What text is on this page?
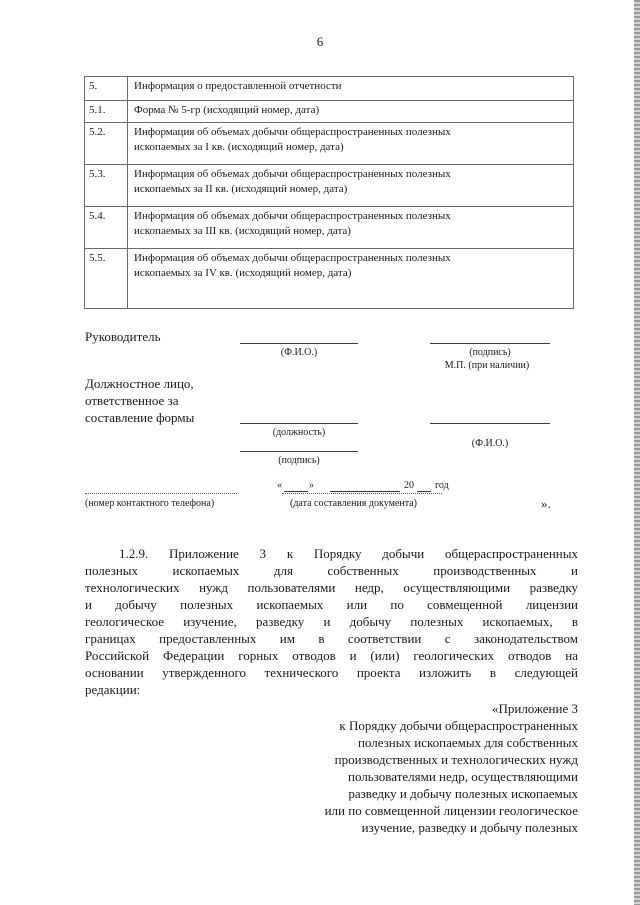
6
5.	Информация о предоставленной отчетности
5.1.	Форма № 5-гр (исходящий номер, дата)
5.2.	Информация об объемах добычи общераспространенных полезных
ископаемых за I кв. (исходящий номер, дата)

5.3.	Информация об объемах добычи общераспространенных полезных
ископаемых за II кв. (исходящий номер, дата)

5.4.	Информация об объемах добычи общераспространенных полезных
ископаемых за III кв. (исходящий номер, дата)

5.5.	Информация об объемах добычи общераспространенных полезных
ископаемых за IV кв. (исходящий номер, дата)
Руководитель
(Ф.И.О.)	(подпись)
М.П. (при наличии)
Должностное лицо,
ответственное за
составление формы
(должность)
(Ф.И.О.)
(подпись)
«	»	20 год
(номер контактного телефона)	(дата составления документа)	».
1.2.9. Приложение 3 к Порядку добычи общераспространенных
полезных ископаемых для собственных производственных и
технологических нужд пользователями недр, осуществляющими разведку
и добычу полезных ископаемых или по совмещенной лицензии
геологическое изучение, разведку и добычу полезных ископаемых, в
границах предоставленных им в соответствии с законодательством
Российской Федерации горных отводов и (или) геологических отводов на
основании утвержденного технического проекта изложить в следующей
редакции:
«Приложение 3
к Порядку добычи общераспространенных
полезных ископаемых для собственных
производственных и технологических нужд
пользователями недр, осуществляющими
разведку и добычу полезных ископаемых
или по совмещенной лицензии геологическое
изучение, разведку и добычу полезных
